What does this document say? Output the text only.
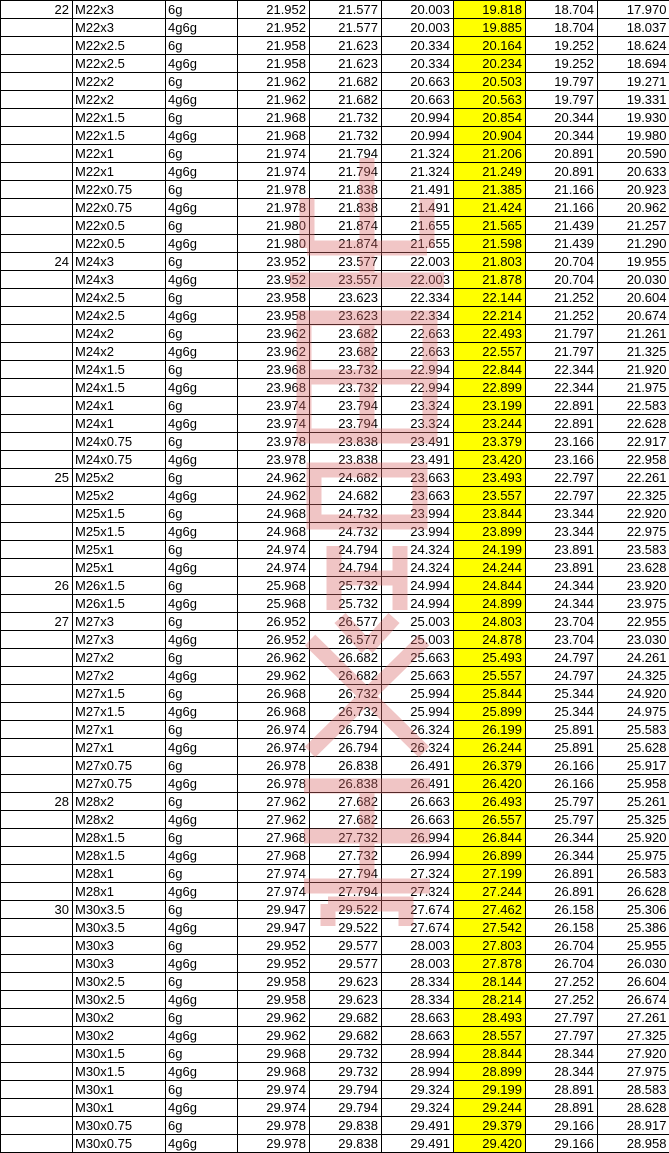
22	M22x3	6g	21.952	21.577	20.003	19.818	18.704	17.970
	M22x3	4g6g	21.952	21.577	20.003	19.885	18.704	18.037
	M22x2.5	6g	21.958	21.623	20.334	20.164	19.252	18.624
	M22x2.5	4g6g	21.958	21.623	20.334	20.234	19.252	18.694
	M22x2	6g	21.962	21.682	20.663	20.503	19.797	19.271
	M22x2	4g6g	21.962	21.682	20.663	20.563	19.797	19.331
	M22x1.5	6g	21.968	21.732	20.994	20.854	20.344	19.930
	M22x1.5	4g6g	21.968	21.732	20.994	20.904	20.344	19.980
	M22x1	6g	21.974	21.794	21.324	21.206	20.891	20.590
	M22x1	4g6g	21.974	21.794	21.324	21.249	20.891	20.633
	M22x0.75	6g	21.978	21.838	21.491	21.385	21.166	20.923
	M22x0.75	4g6g	21.978	21.838	21.491	21.424	21.166	20.962
	M22x0.5	6g	21.980	21.874	21.655	21.565	21.439	21.257
	M22x0.5	4g6g	21.980	21.874	21.655	21.598	21.439	21.290
24	M24x3	6g	23.952	23.577	22.003	21.803	20.704	19.955
	M24x3	4g6g	23.952	23.557	22.003	21.878	20.704	20.030
	M24x2.5	6g	23.958	23.623	22.334	22.144	21.252	20.604
	M24x2.5	4g6g	23.958	23.623	22.334	22.214	21.252	20.674
	M24x2	6g	23.962	23.682	22.663	22.493	21.797	21.261
	M24x2	4g6g	23.962	23.682	22.663	22.557	21.797	21.325
	M24x1.5	6g	23.968	23.732	22.994	22.844	22.344	21.920
	M24x1.5	4g6g	23.968	23.732	22.994	22.899	22.344	21.975
	M24x1	6g	23.974	23.794	23.324	23.199	22.891	22.583
	M24x1	4g6g	23.974	23.794	23.324	23.244	22.891	22.628
	M24x0.75	6g	23.978	23.838	23.491	23.379	23.166	22.917
	M24x0.75	4g6g	23.978	23.838	23.491	23.420	23.166	22.958
25	M25x2	6g	24.962	24.682	23.663	23.493	22.797	22.261
	M25x2	4g6g	24.962	24.682	23.663	23.557	22.797	22.325
	M25x1.5	6g	24.968	24.732	23.994	23.844	23.344	22.920
	M25x1.5	4g6g	24.968	24.732	23.994	23.899	23.344	22.975
	M25x1	6g	24.974	24.794	24.324	24.199	23.891	23.583
	M25x1	4g6g	24.974	24.794	24.324	24.244	23.891	23.628
26	M26x1.5	6g	25.968	25.732	24.994	24.844	24.344	23.920
	M26x1.5	4g6g	25.968	25.732	24.994	24.899	24.344	23.975
27	M27x3	6g	26.952	26.577	25.003	24.803	23.704	22.955
	M27x3	4g6g	26.952	26.577	25.003	24.878	23.704	23.030
	M27x2	6g	26.962	26.682	25.663	25.493	24.797	24.261
	M27x2	4g6g	29.962	26.682	25.663	25.557	24.797	24.325
	M27x1.5	6g	26.968	26.732	25.994	25.844	25.344	24.920
	M27x1.5	4g6g	26.968	26.732	25.994	25.899	25.344	24.975
	M27x1	6g	26.974	26.794	26.324	26.199	25.891	25.583
	M27x1	4g6g	26.974	26.794	26.324	26.244	25.891	25.628
	M27x0.75	6g	26.978	26.838	26.491	26.379	26.166	25.917
	M27x0.75	4g6g	26.978	26.838	26.491	26.420	26.166	25.958
28	M28x2	6g	27.962	27.682	26.663	26.493	25.797	25.261
	M28x2	4g6g	27.962	27.682	26.663	26.557	25.797	25.325
	M28x1.5	6g	27.968	27.732	26.994	26.844	26.344	25.920
	M28x1.5	4g6g	27.968	27.732	26.994	26.899	26.344	25.975
	M28x1	6g	27.974	27.794	27.324	27.199	26.891	26.583
	M28x1	4g6g	27.974	27.794	27.324	27.244	26.891	26.628
30	M30x3.5	6g	29.947	29.522	27.674	27.462	26.158	25.306
	M30x3.5	4g6g	29.947	29.522	27.674	27.542	26.158	25.386
	M30x3	6g	29.952	29.577	28.003	27.803	26.704	25.955
	M30x3	4g6g	29.952	29.577	28.003	27.878	26.704	26.030
	M30x2.5	6g	29.958	29.623	28.334	28.144	27.252	26.604
	M30x2.5	4g6g	29.958	29.623	28.334	28.214	27.252	26.674
	M30x2	6g	29.962	29.682	28.663	28.493	27.797	27.261
	M30x2	4g6g	29.962	29.682	28.663	28.557	27.797	27.325
	M30x1.5	6g	29.968	29.732	28.994	28.844	28.344	27.920
	M30x1.5	4g6g	29.968	29.732	28.994	28.899	28.344	27.975
	M30x1	6g	29.974	29.794	29.324	29.199	28.891	28.583
	M30x1	4g6g	29.974	29.794	29.324	29.244	28.891	28.628
	M30x0.75	6g	29.978	29.838	29.491	29.379	29.166	28.917
	M30x0.75	4g6g	29.978	29.838	29.491	29.420	29.166	28.958
